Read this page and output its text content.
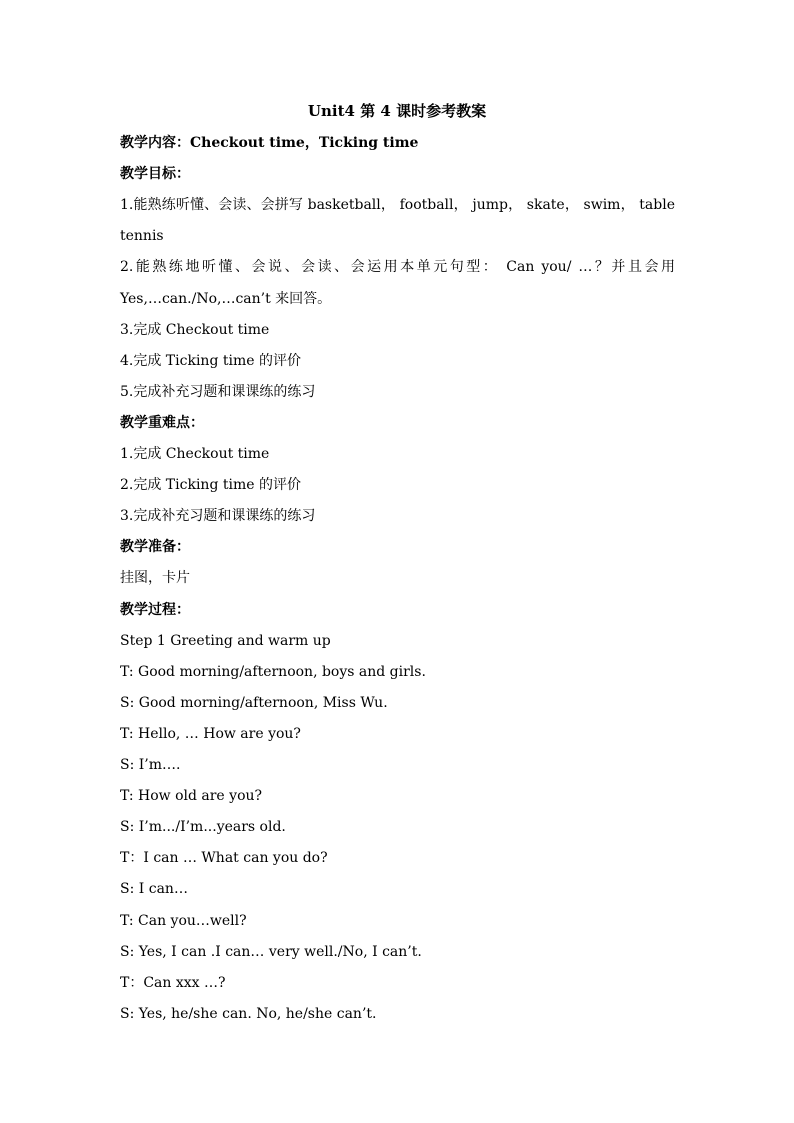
Unit4 第 4 课时参考教案
教学内容：Checkout time，Ticking time
教学目标：
1.能熟练听懂、会读、会拼写 basketball， football， jump， skate， swim， table
tennis
2.能熟练地听懂、会说、会读、会运用本单元句型： Can you/ …？并且会用
Yes,…can./No,…can’t 来回答。
3.完成 Checkout time
4.完成 Ticking time 的评价
5.完成补充习题和课课练的练习
教学重难点：
1.完成 Checkout time
2.完成 Ticking time 的评价
3.完成补充习题和课课练的练习
教学准备：
挂图，卡片
教学过程：
Step 1 Greeting and warm up
T: Good morning/afternoon, boys and girls.
S: Good morning/afternoon, Miss Wu.
T: Hello, … How are you?
S: I’m….
T: How old are you?
S: I’m.../I’m...years old.
T：I can … What can you do?
S: I can…
T: Can you…well?
S: Yes, I can .I can… very well./No, I can’t.
T：Can xxx …?
S: Yes, he/she can. No, he/she can’t.
